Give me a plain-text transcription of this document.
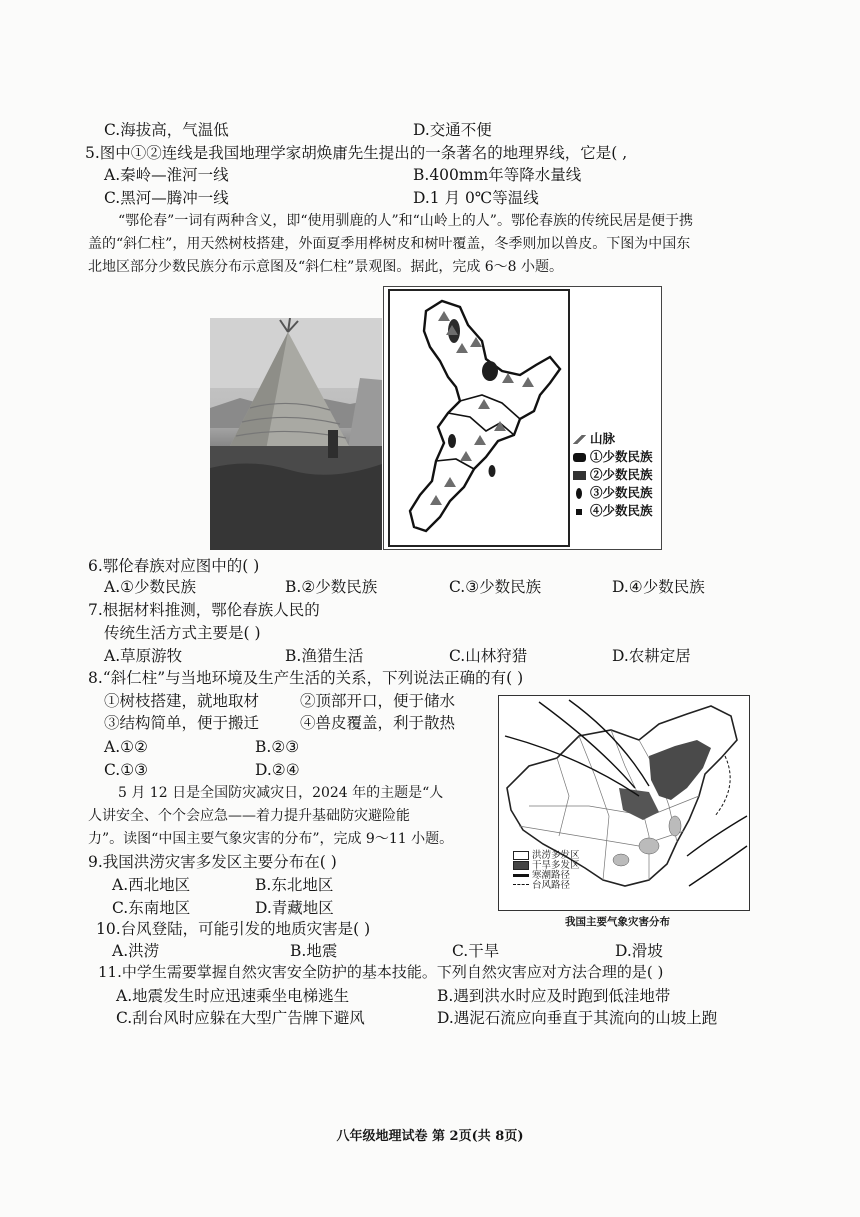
C.海拔高，气温低	D.交通不便
5.图中①②连线是我国地理学家胡焕庸先生提出的一条著名的地理界线，它是( ,
A.秦岭—淮河一线	B.400mm年等降水量线
C.黑河—腾冲一线	D.1 月 0℃等温线
“鄂伦春”一词有两种含义，即“使用驯鹿的人”和“山岭上的人”。鄂伦春族的传统民居是便于携
盖的“斜仁柱”，用天然树枝搭建，外面夏季用桦树皮和树叶覆盖，冬季则加以兽皮。下图为中国东
北地区部分少数民族分布示意图及“斜仁柱”景观图。据此，完成 6～8 小题。
山脉
①少数民族
②少数民族
③少数民族
④少数民族
6.鄂伦春族对应图中的( )
A.①少数民族	B.②少数民族	C.③少数民族	D.④少数民族
7.根据材料推测，鄂伦春族人民的
传统生活方式主要是( )
A.草原游牧	B.渔猎生活	C.山林狩猎	D.农耕定居
8.“斜仁柱”与当地环境及生产生活的关系，下列说法正确的有( )
①树枝搭建，就地取材	②顶部开口，便于储水
③结构简单，便于搬迁	④兽皮覆盖，利于散热
A.①②	B.②③
C.①③	D.②④
5 月 12 日是全国防灾减灾日，2024 年的主题是“人
人讲安全、个个会应急——着力提升基础防灾避险能
力”。读图“中国主要气象灾害的分布”，完成 9～11 小题。
洪涝多发区
干旱多发区
寒潮路径
台风路径
我国主要气象灾害分布
9.我国洪涝灾害多发区主要分布在( )
A.西北地区	B.东北地区
C.东南地区	D.青藏地区
10.台风登陆，可能引发的地质灾害是( )
A.洪涝	B.地震	C.干旱	D.滑坡
11.中学生需要掌握自然灾害安全防护的基本技能。下列自然灾害应对方法合理的是( )
A.地震发生时应迅速乘坐电梯逃生	B.遇到洪水时应及时跑到低洼地带
C.刮台风时应躲在大型广告牌下避风	D.遇泥石流应向垂直于其流向的山坡上跑
八年级地理试卷 第 2页(共 8页)
